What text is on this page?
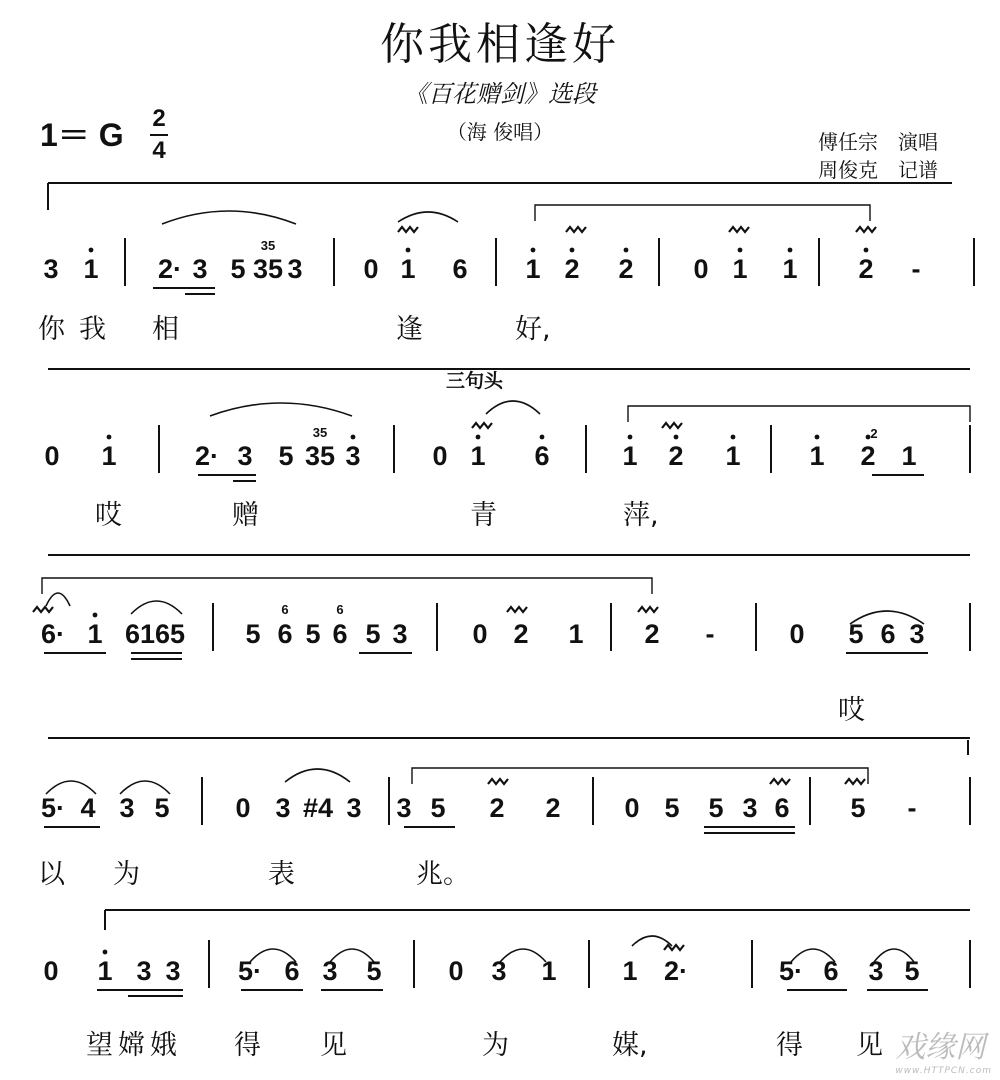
你我相逢好
《百花赠剑》选段
（海 俊唱）
1＝ G 2
4	傅任宗　演唱
周俊克　记谱
你 我 相	逢	好,
三句头
哎	赠	青	萍,
哎
以 为	表	兆。
望 嫦 娥 得 见	为	媒,	得 见 戏缘网
www.HTTPCN.com
3 1 2· 3 5 35 3 0 1 6 1 2 2 0 1 1 2 -
0 1	2· 3 5 35 3	0 1 6	1 2 1	1 2 1
6· 1 6165 5 6 5 6 5 3 0 2 1 2 -	0 5 6 3
5· 4 3 5 0 3 #4 3 3 5 2 2 0 5 5 3 6 5 -
0 1 3 3 5· 6 3 5 0 3 1 1 2·	5· 6 3 5
35
35
6	6
2
